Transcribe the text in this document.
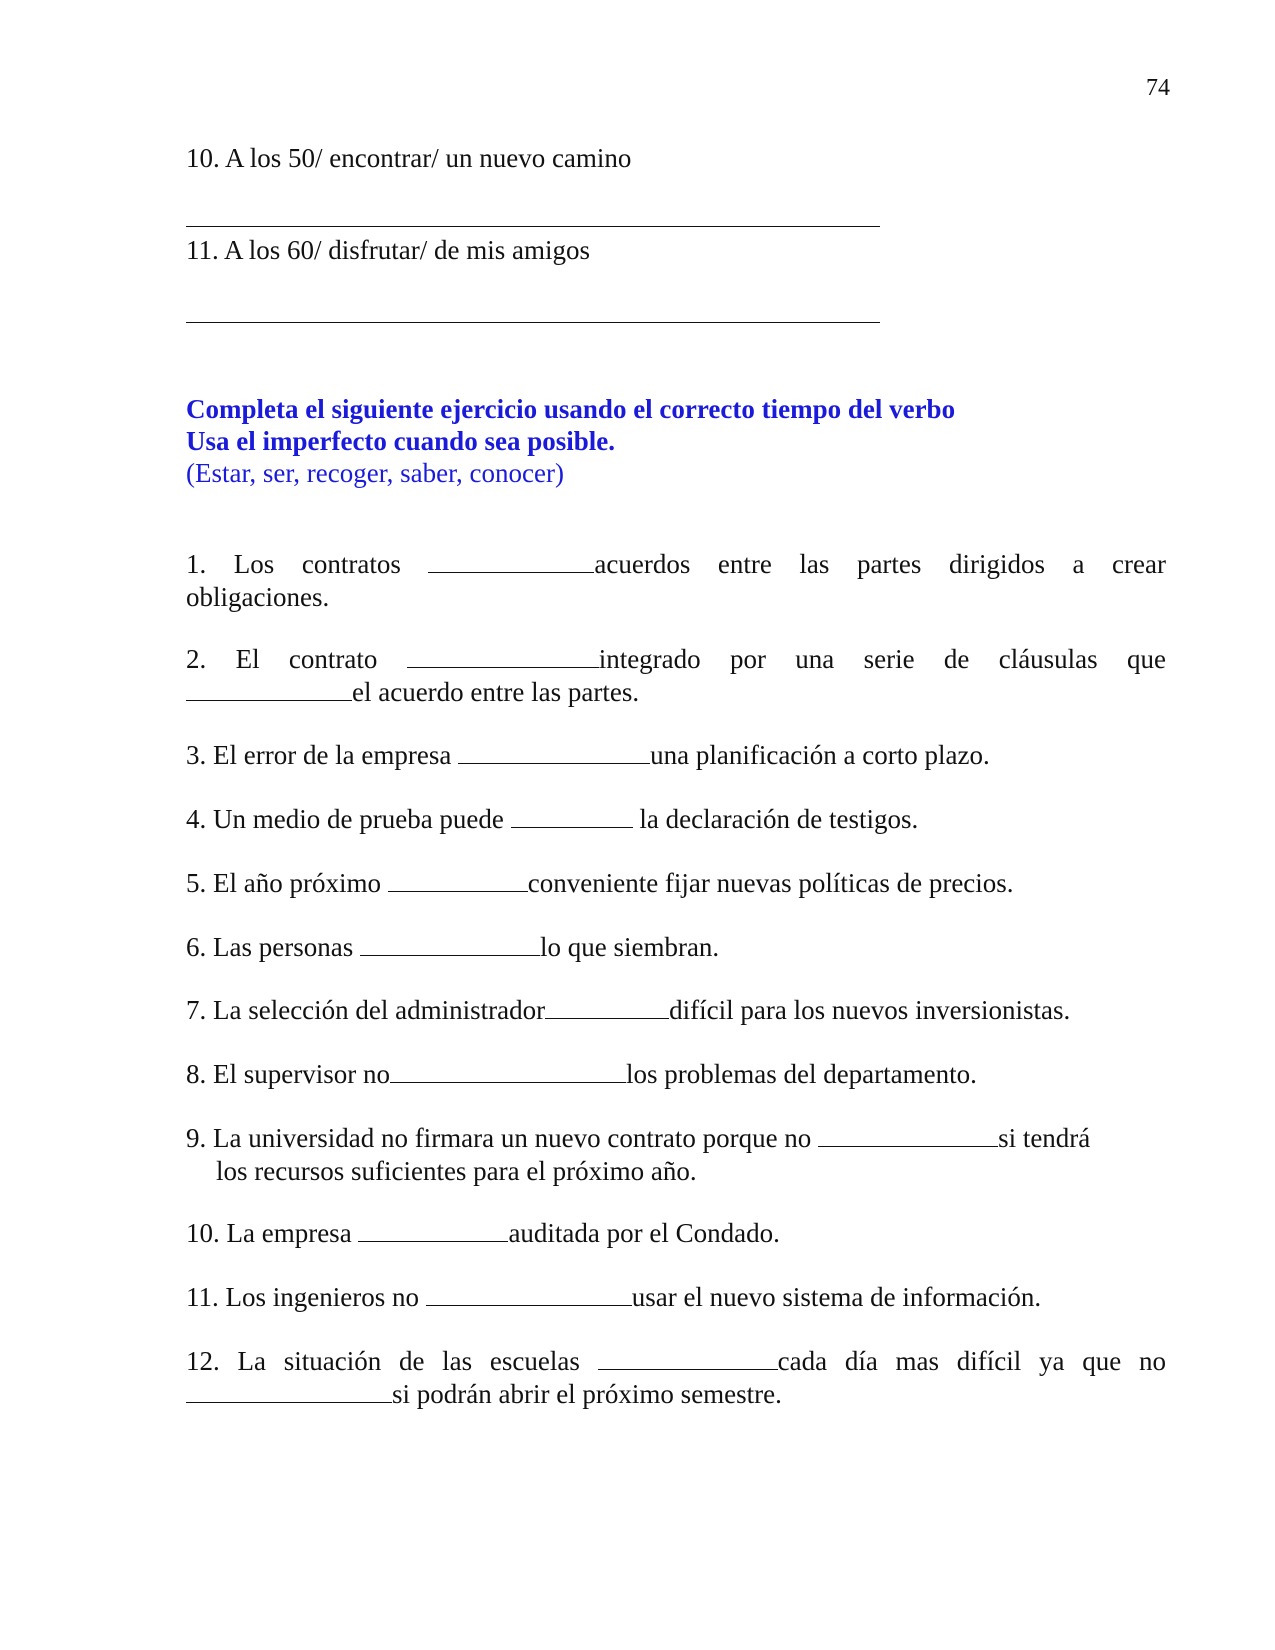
74
10. A los 50/ encontrar/ un nuevo camino
11. A los 60/ disfrutar/ de mis amigos
Completa el siguiente ejercicio usando el correcto tiempo del verbo
Usa el imperfecto cuando sea posible.
(Estar, ser, recoger, saber, conocer)
1. Los contratos	acuerdos entre las partes dirigidos a crear
obligaciones.
2. El contrato	integrado por una serie de cláusulas que
el acuerdo entre las partes.
3. El error de la empresa	una planificación a corto plazo.
4. Un medio de prueba puede	la declaración de testigos.
5. El año próximo	conveniente fijar nuevas políticas de precios.
6. Las personas	lo que siembran.
7. La selección del administrador	difícil para los nuevos inversionistas.
8. El supervisor no	los problemas del departamento.
9. La universidad no firmara un nuevo contrato porque no	si tendrá
los recursos suficientes para el próximo año.
10. La empresa	auditada por el Condado.
11. Los ingenieros no	usar el nuevo sistema de información.
12. La situación de las escuelas	cada día mas difícil ya que no
si podrán abrir el próximo semestre.
